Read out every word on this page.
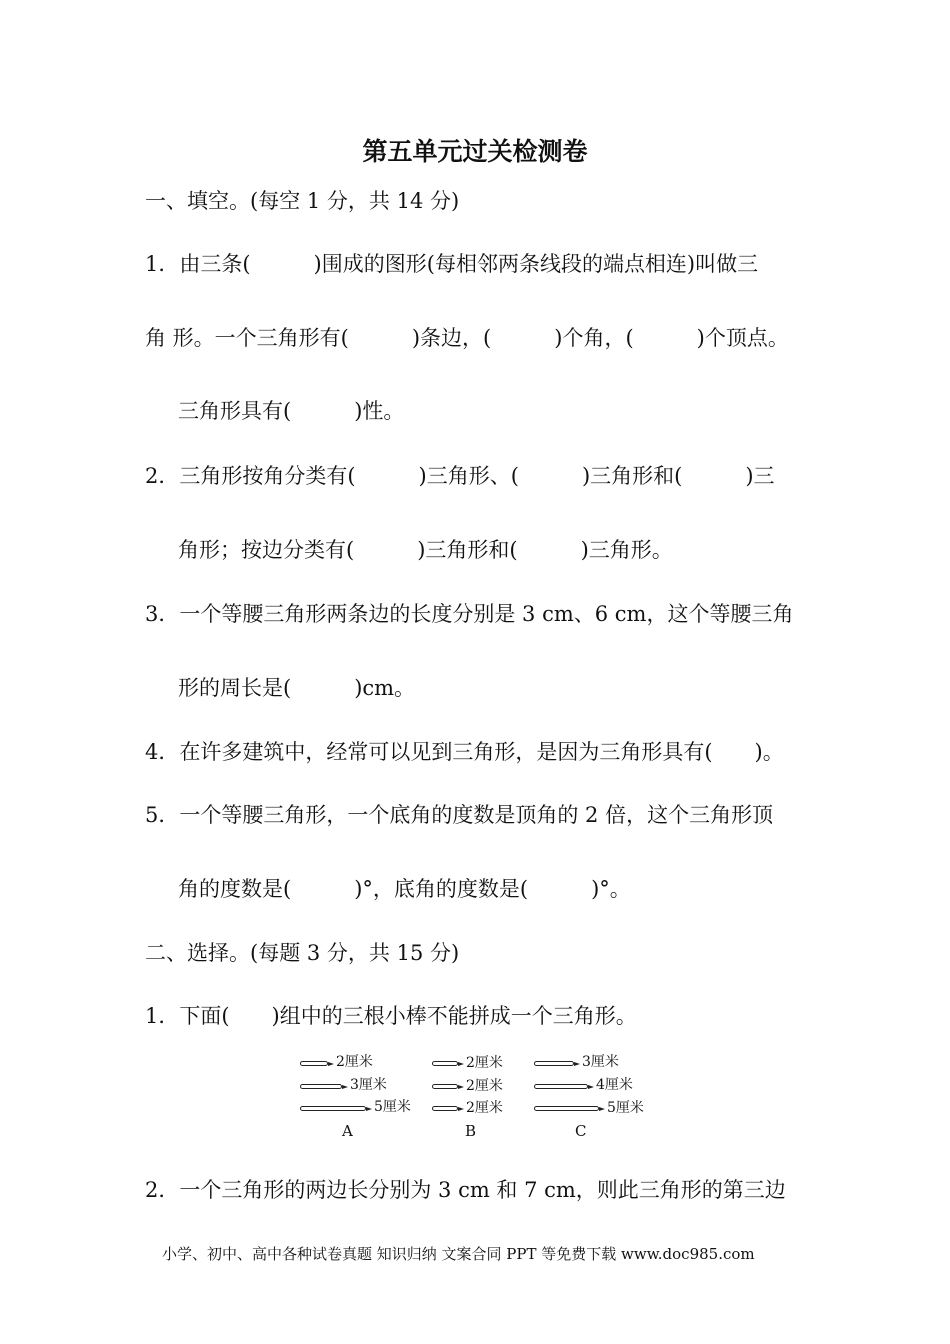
第五单元过关检测卷
一、填空。(每空 1 分，共 14 分)
1．由三条(　　　)围成的图形(每相邻两条线段的端点相连)叫做三
角 形。一个三角形有(　　　)条边，(　　　)个角，(　　　)个顶点。
三角形具有(　　　)性。
2．三角形按角分类有(　　　)三角形、(　　　)三角形和(　　　)三
角形；按边分类有(　　　)三角形和(　　　)三角形。
3．一个等腰三角形两条边的长度分别是 3 cm、6 cm，这个等腰三角
形的周长是(　　　)cm。
4．在许多建筑中，经常可以见到三角形，是因为三角形具有(　　)。
5．一个等腰三角形，一个底角的度数是顶角的 2 倍，这个三角形顶
角的度数是(　　　)°，底角的度数是(　　　)°。
二、选择。(每题 3 分，共 15 分)
1．下面(　　)组中的三根小棒不能拼成一个三角形。
2厘米
3厘米
5厘米
A
2厘米
2厘米
2厘米
B
3厘米
4厘米
5厘米
C
2．一个三角形的两边长分别为 3 cm 和 7 cm，则此三角形的第三边
小学、初中、高中各种试卷真题 知识归纳 文案合同 PPT 等免费下载 www.doc985.com
